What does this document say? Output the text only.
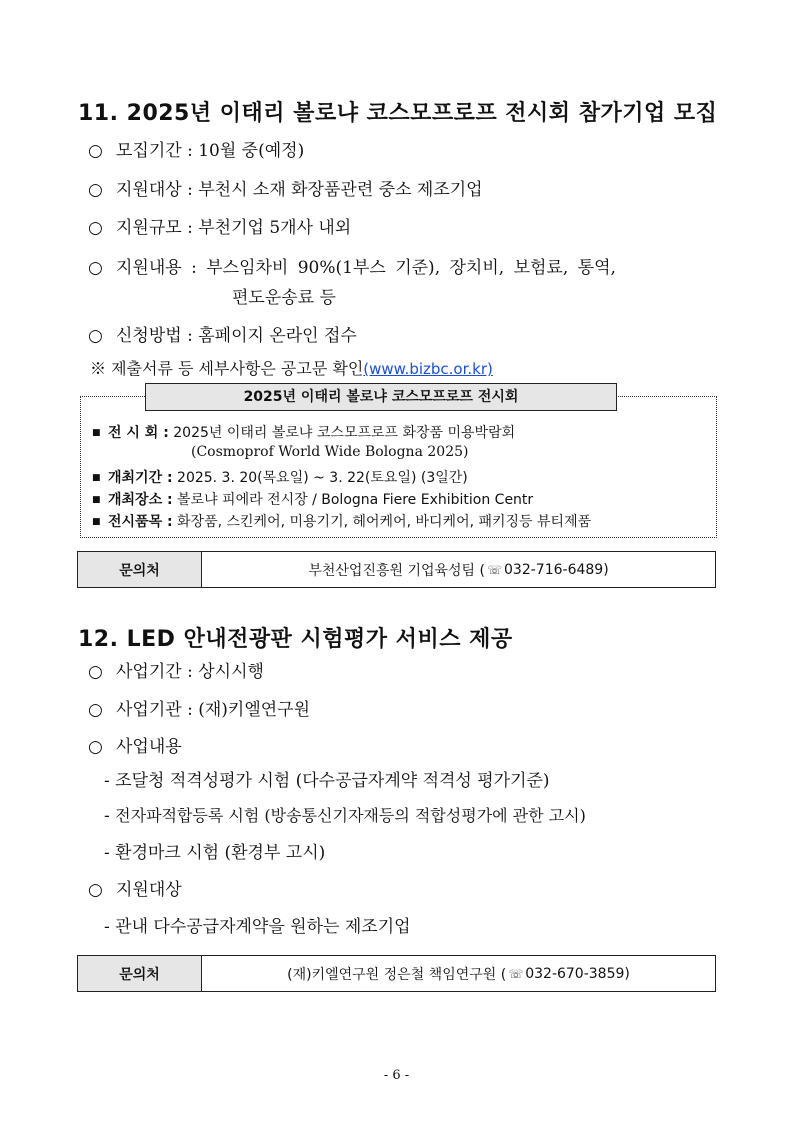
11. 2025년 이태리 볼로냐 코스모프로프 전시회 참가기업 모집
○ 모집기간 : 10월 중(예정)
○ 지원대상 : 부천시 소재 화장품관련 중소 제조기업
○ 지원규모 : 부천기업 5개사 내외
○ 지원내용 : 부스임차비 90%(1부스 기준), 장치비, 보험료, 통역,
편도운송료 등
○ 신청방법 : 홈페이지 온라인 접수
※ 제출서류 등 세부사항은 공고문 확인(www.bizbc.or.kr)
2025년 이태리 볼로냐 코스모프로프 전시회
■ 전 시 회 : 2025년 이태리 볼로냐 코스모프로프 화장품 미용박람회
(Cosmoprof World Wide Bologna 2025)
■ 개최기간 : 2025. 3. 20(목요일) ~ 3. 22(토요일) (3일간)
■ 개최장소 : 볼로냐 피에라 전시장 / Bologna Fiere Exhibition Centr
■ 전시품목 : 화장품, 스킨케어, 미용기기, 헤어케어, 바디케어, 패키징등 뷰티제품
문의처	부천산업진흥원 기업육성팀 ( ☏ 032-716-6489)
12. LED 안내전광판 시험평가 서비스 제공
○ 사업기간 : 상시시행
○ 사업기관 : (재)키엘연구원
○ 사업내용
- 조달청 적격성평가 시험 (다수공급자계약 적격성 평가기준)
- 전자파적합등록 시험 (방송통신기자재등의 적합성평가에 관한 고시)
- 환경마크 시험 (환경부 고시)
○ 지원대상
- 관내 다수공급자계약을 원하는 제조기업
문의처	(재)키엘연구원 정은철 책임연구원 ( ☏ 032-670-3859)
- 6 -
